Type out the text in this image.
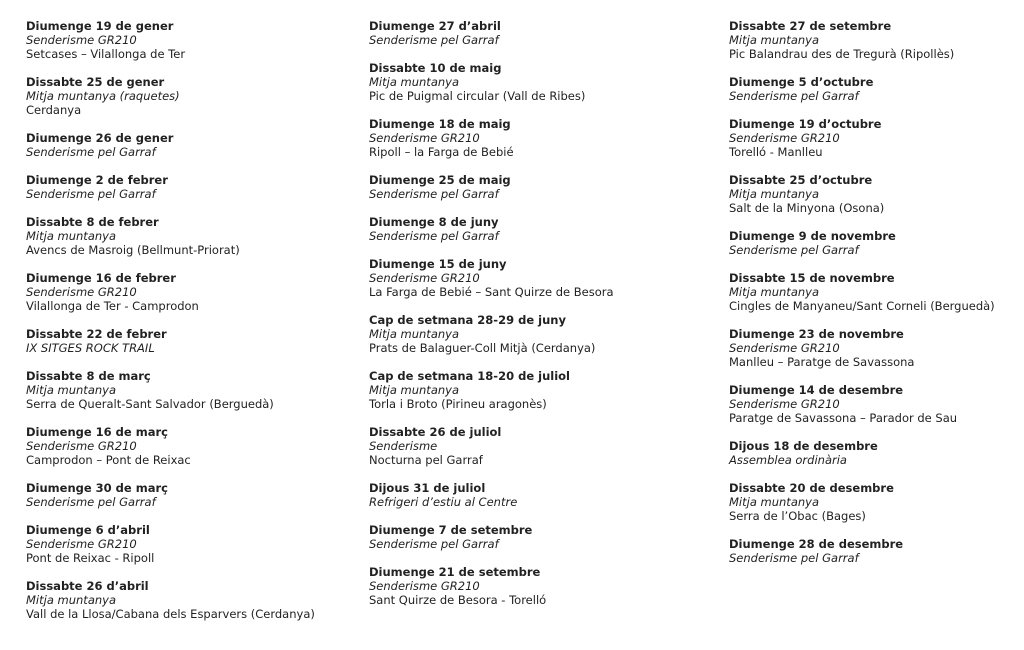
Diumenge 19 de gener
Senderisme GR210
Setcases – Vilallonga de Ter
Dissabte 25 de gener
Mitja muntanya (raquetes)
Cerdanya
Diumenge 26 de gener
Senderisme pel Garraf
Diumenge 2 de febrer
Senderisme pel Garraf
Dissabte 8 de febrer
Mitja muntanya
Avencs de Masroig (Bellmunt-Priorat)
Diumenge 16 de febrer
Senderisme GR210
Vilallonga de Ter - Camprodon
Dissabte 22 de febrer
IX SITGES ROCK TRAIL
Dissabte 8 de març
Mitja muntanya
Serra de Queralt-Sant Salvador (Berguedà)
Diumenge 16 de març
Senderisme GR210
Camprodon – Pont de Reixac
Diumenge 30 de març
Senderisme pel Garraf
Diumenge 6 d’abril
Senderisme GR210
Pont de Reixac - Ripoll
Dissabte 26 d’abril
Mitja muntanya
Vall de la Llosa/Cabana dels Esparvers (Cerdanya)
Diumenge 27 d’abril
Senderisme pel Garraf
Dissabte 10 de maig
Mitja muntanya
Pic de Puigmal circular (Vall de Ribes)
Diumenge 18 de maig
Senderisme GR210
Ripoll – la Farga de Bebié
Diumenge 25 de maig
Senderisme pel Garraf
Diumenge 8 de juny
Senderisme pel Garraf
Diumenge 15 de juny
Senderisme GR210
La Farga de Bebié – Sant Quirze de Besora
Cap de setmana 28-29 de juny
Mitja muntanya
Prats de Balaguer-Coll Mitjà (Cerdanya)
Cap de setmana 18-20 de juliol
Mitja muntanya
Torla i Broto (Pirineu aragonès)
Dissabte 26 de juliol
Senderisme
Nocturna pel Garraf
Dijous 31 de juliol
Refrigeri d’estiu al Centre
Diumenge 7 de setembre
Senderisme pel Garraf
Diumenge 21 de setembre
Senderisme GR210
Sant Quirze de Besora - Torelló
Dissabte 27 de setembre
Mitja muntanya
Pic Balandrau des de Tregurà (Ripollès)
Diumenge 5 d’octubre
Senderisme pel Garraf
Diumenge 19 d’octubre
Senderisme GR210
Torelló - Manlleu
Dissabte 25 d’octubre
Mitja muntanya
Salt de la Minyona (Osona)
Diumenge 9 de novembre
Senderisme pel Garraf
Dissabte 15 de novembre
Mitja muntanya
Cingles de Manyaneu/Sant Corneli (Berguedà)
Diumenge 23 de novembre
Senderisme GR210
Manlleu – Paratge de Savassona
Diumenge 14 de desembre
Senderisme GR210
Paratge de Savassona – Parador de Sau
Dijous 18 de desembre
Assemblea ordinària
Dissabte 20 de desembre
Mitja muntanya
Serra de l’Obac (Bages)
Diumenge 28 de desembre
Senderisme pel Garraf
